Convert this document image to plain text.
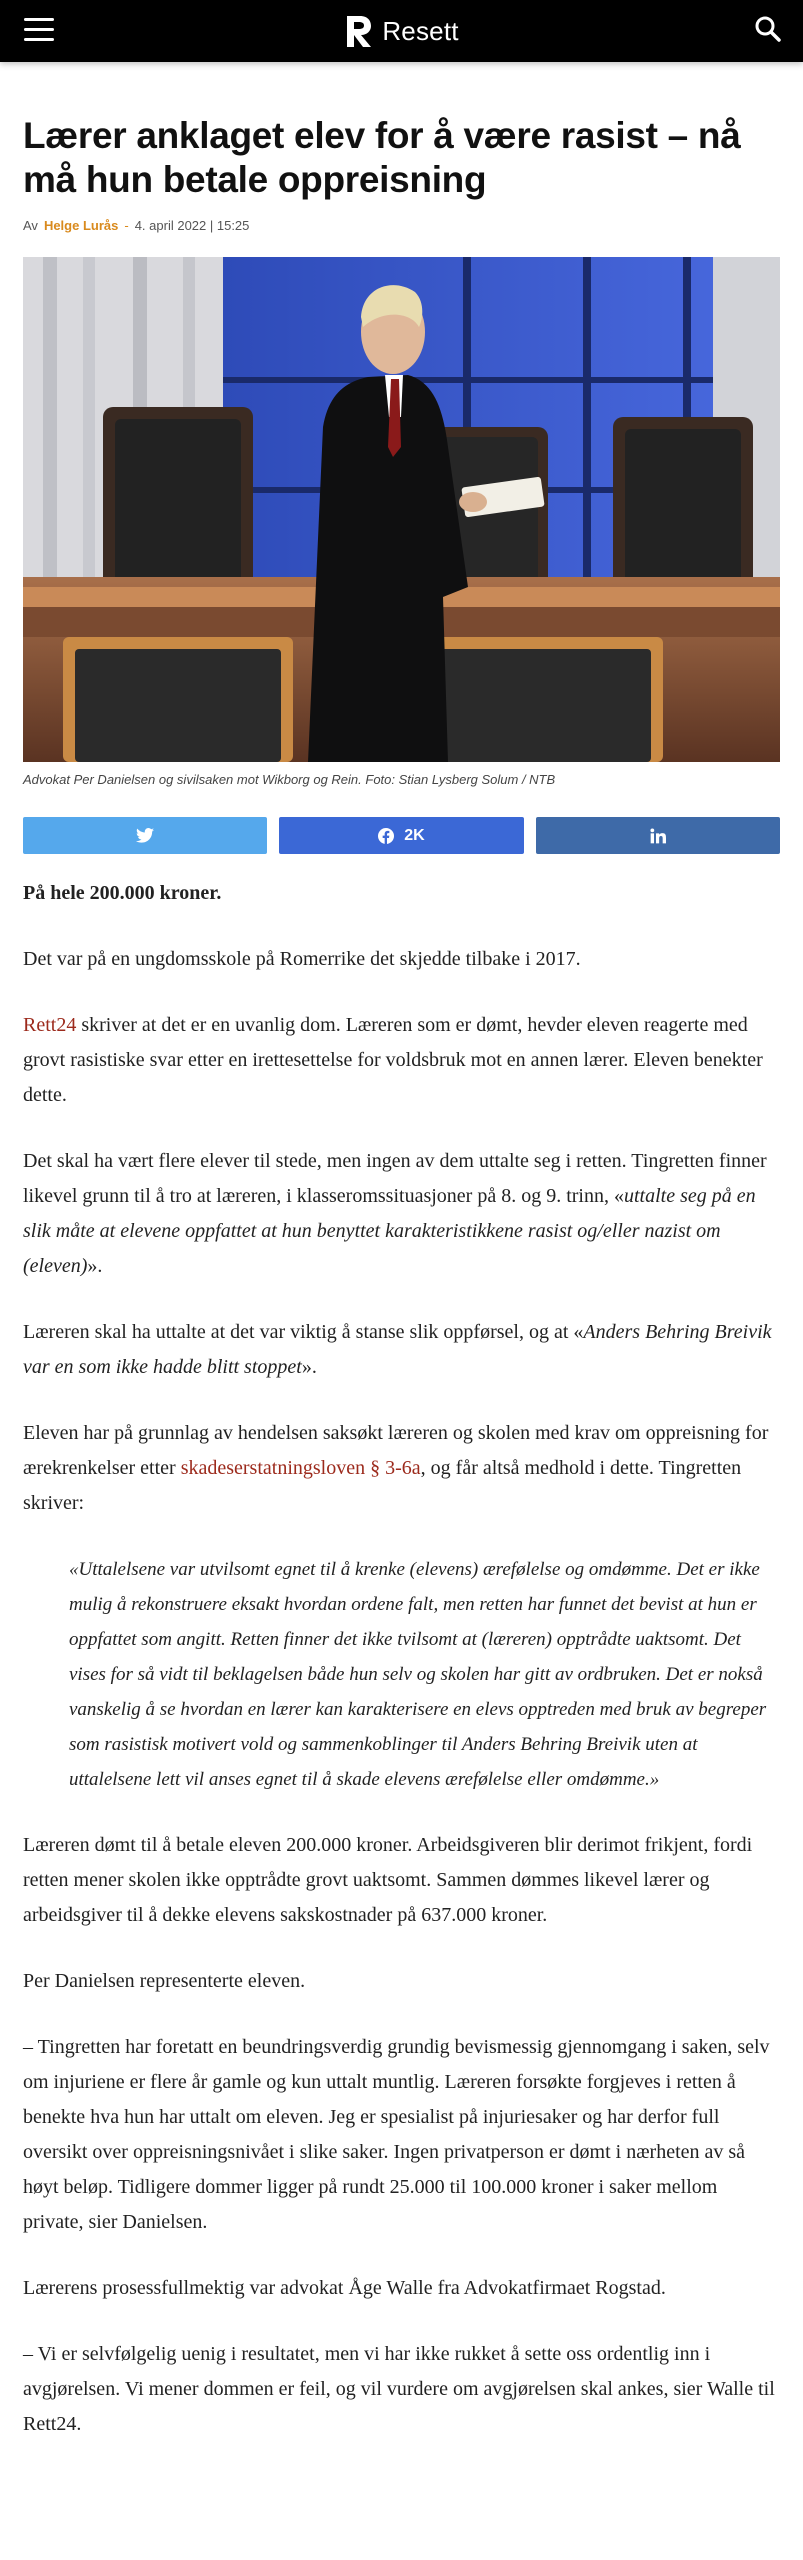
Resett
Lærer anklaget elev for å være rasist – nå må hun betale oppreisning
Av Helge Lurås - 4. april 2022 | 15:25

Advokat Per Danielsen og sivilsaken mot Wikborg og Rein. Foto: Stian Lysberg Solum / NTB

2K

På hele 200.000 kroner.

Det var på en ungdomsskole på Romerrike det skjedde tilbake i 2017.

Rett24 skriver at det er en uvanlig dom. Læreren som er dømt, hevder eleven reagerte med grovt rasistiske svar etter en irettesettelse for voldsbruk mot en annen lærer. Eleven benekter dette.

Det skal ha vært flere elever til stede, men ingen av dem uttalte seg i retten. Tingretten finner likevel grunn til å tro at læreren, i klasseromssituasjoner på 8. og 9. trinn, «uttalte seg på en slik måte at elevene oppfattet at hun benyttet karakteristikkene rasist og/eller nazist om (eleven)».

Læreren skal ha uttalte at det var viktig å stanse slik oppførsel, og at «Anders Behring Breivik var en som ikke hadde blitt stoppet».

Eleven har på grunnlag av hendelsen saksøkt læreren og skolen med krav om oppreisning for ærekrenkelser etter skadeserstatningsloven § 3-6a, og får altså medhold i dette. Tingretten skriver:

«Uttalelsene var utvilsomt egnet til å krenke (elevens) ærefølelse og omdømme. Det er ikke mulig å rekonstruere eksakt hvordan ordene falt, men retten har funnet det bevist at hun er oppfattet som angitt. Retten finner det ikke tvilsomt at (læreren) opptrådte uaktsomt. Det vises for så vidt til beklagelsen både hun selv og skolen har gitt av ordbruken. Det er nokså vanskelig å se hvordan en lærer kan karakterisere en elevs opptreden med bruk av begreper som rasistisk motivert vold og sammenkoblinger til Anders Behring Breivik uten at uttalelsene lett vil anses egnet til å skade elevens ærefølelse eller omdømme.»

Læreren dømt til å betale eleven 200.000 kroner. Arbeidsgiveren blir derimot frikjent, fordi retten mener skolen ikke opptrådte grovt uaktsomt. Sammen dømmes likevel lærer og arbeidsgiver til å dekke elevens sakskostnader på 637.000 kroner.

Per Danielsen representerte eleven.

– Tingretten har foretatt en beundringsverdig grundig bevismessig gjennomgang i saken, selv om injuriene er flere år gamle og kun uttalt muntlig. Læreren forsøkte forgjeves i retten å benekte hva hun har uttalt om eleven. Jeg er spesialist på injuriesaker og har derfor full oversikt over oppreisningsnivået i slike saker. Ingen privatperson er dømt i nærheten av så høyt beløp. Tidligere dommer ligger på rundt 25.000 til 100.000 kroner i saker mellom private, sier Danielsen.

Lærerens prosessfullmektig var advokat Åge Walle fra Advokatfirmaet Rogstad.

– Vi er selvfølgelig uenig i resultatet, men vi har ikke rukket å sette oss ordentlig inn i avgjørelsen. Vi mener dommen er feil, og vil vurdere om avgjørelsen skal ankes, sier Walle til Rett24.
